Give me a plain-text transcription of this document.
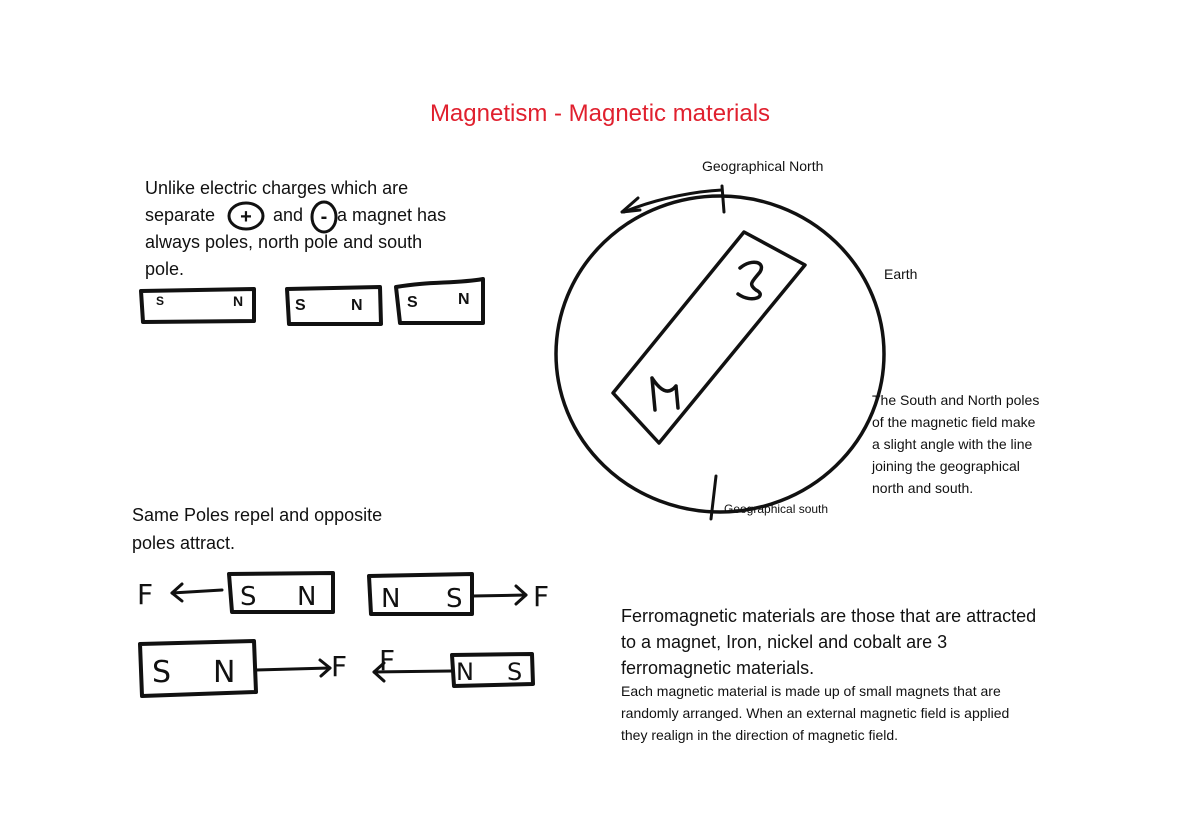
Magnetism - Magnetic materials
Unlike electric charges which are
separate	and a magnet has
always poles, north pole and south
pole.
Geographical North
Earth
Geographical south
The South and North poles
of the magnetic field make
a slight angle with the line
joining the geographical
north and south.
Same Poles repel and opposite
poles attract.
Ferromagnetic materials are those that are attracted
to a magnet, Iron, nickel and cobalt are 3
ferromagnetic materials.
Each magnetic material is made up of small magnets that are
randomly arranged. When an external magnetic field is applied
they realign in the direction of magnetic field.
+	-
S	N	S	N	S	N
F	S N N S	F
S N	F F	N S
